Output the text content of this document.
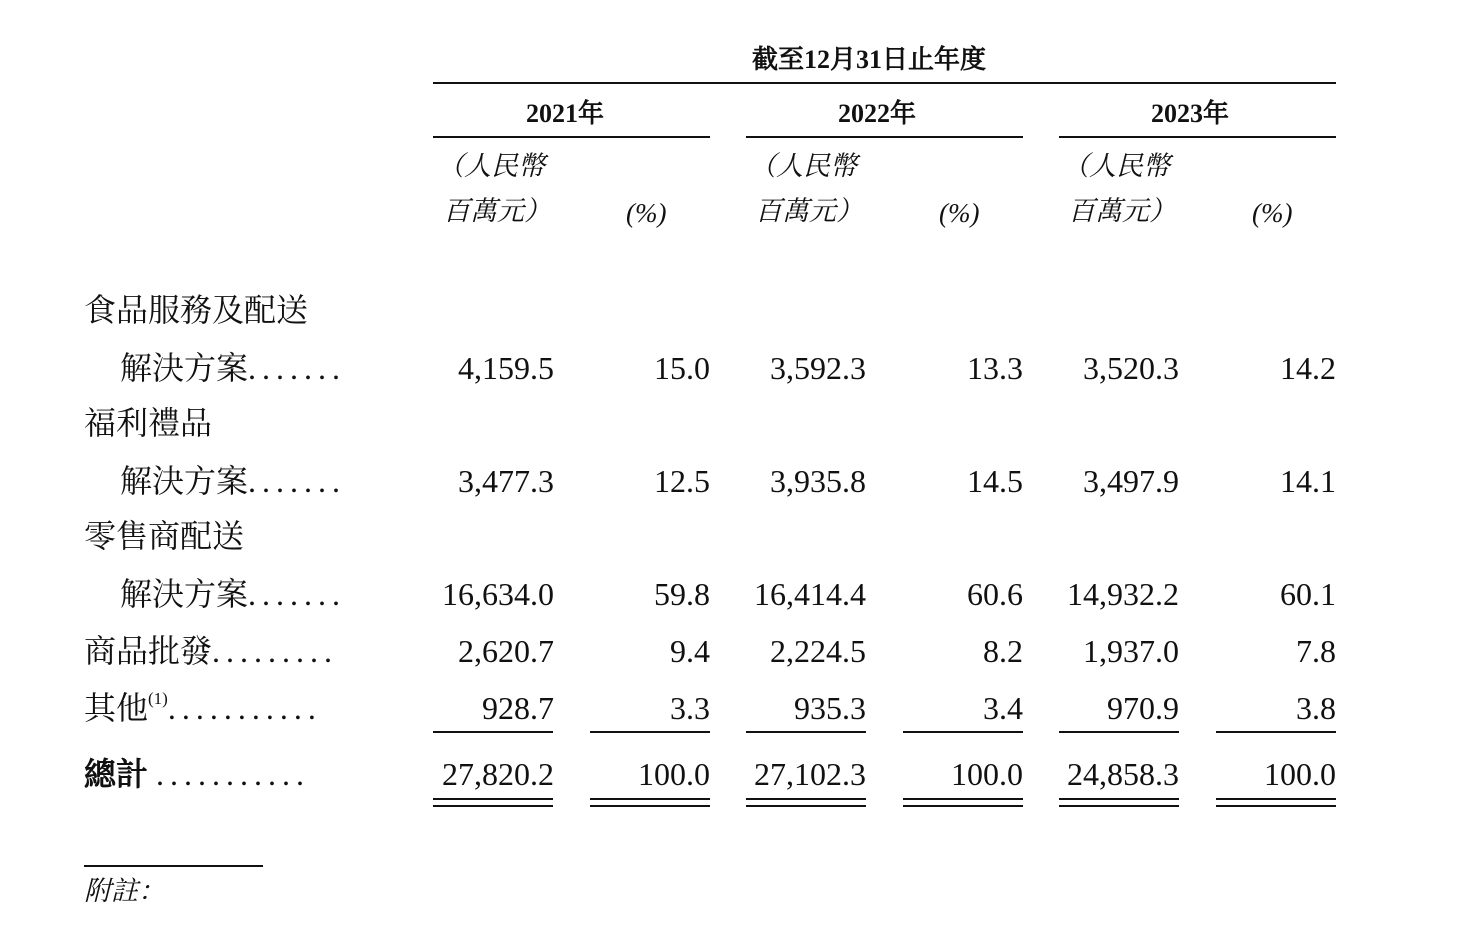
截至12月31日止年度
2021年	2022年	2023年
（人民幣
百萬元）	(%)
（人民幣
百萬元）	(%)
（人民幣
百萬元）	(%)
食品服務及配送
解決方案.......	4,159.5	15.0	3,592.3	13.3	3,520.3	14.2
福利禮品
解決方案.......	3,477.3	12.5	3,935.8	14.5	3,497.9	14.1
零售商配送
解決方案.......	16,634.0	59.8	16,414.4	60.6	14,932.2	60.1
商品批發.........	2,620.7	9.4	2,224.5	8.2	1,937.0	7.8
其他$^{(1)}$...........	928.7	3.3	935.3	3.4	970.9	3.8
總計 ...........	27,820.2	100.0	27,102.3	100.0	24,858.3	100.0
附註：
